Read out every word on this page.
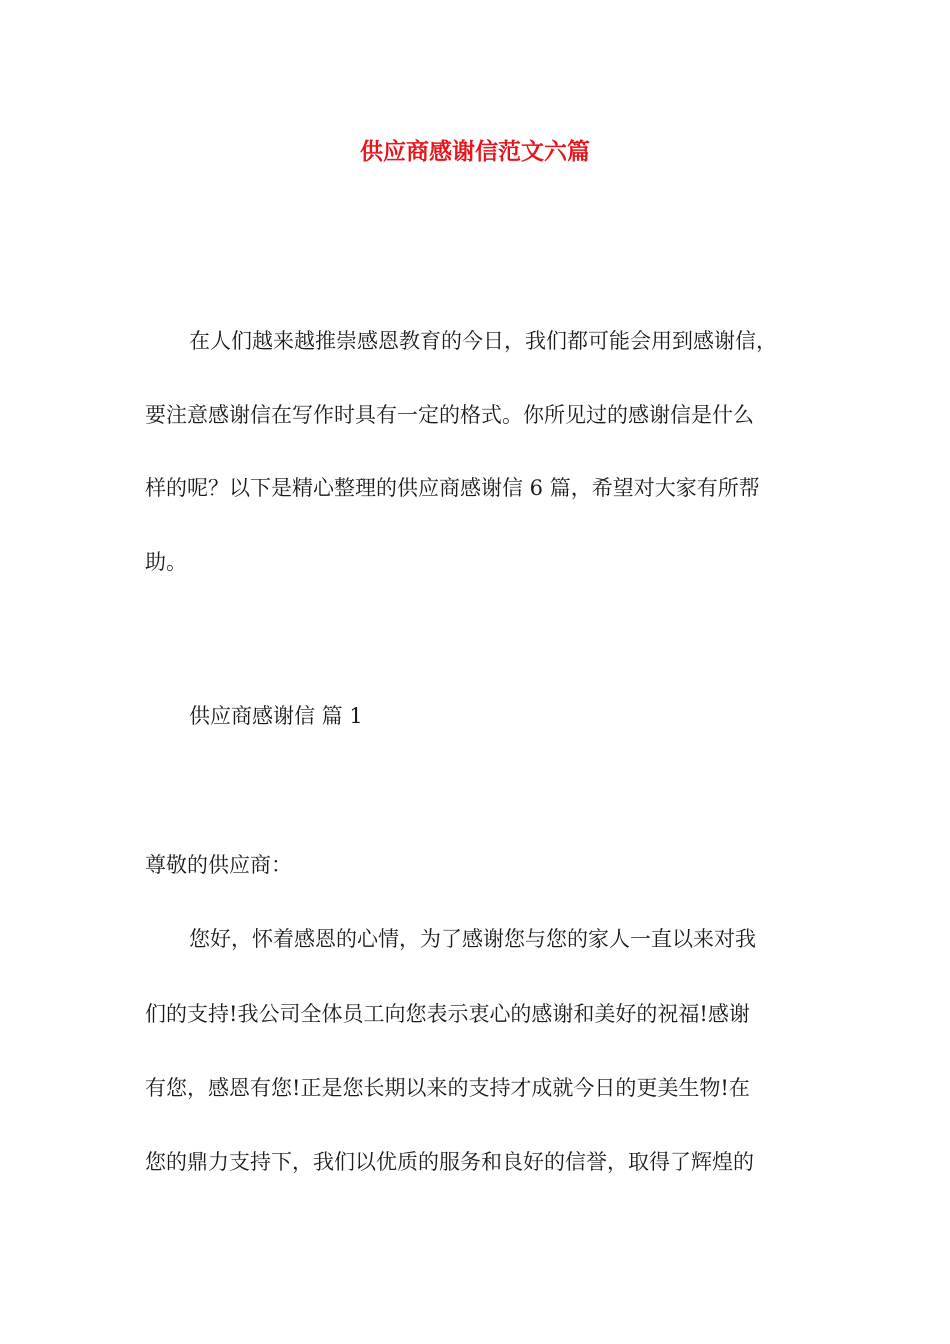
供应商感谢信范文六篇
在人们越来越推崇感恩教育的今日，我们都可能会用到感谢信，
要注意感谢信在写作时具有一定的格式。你所见过的感谢信是什么
样的呢？以下是精心整理的供应商感谢信 6 篇，希望对大家有所帮
助。
供应商感谢信 篇 1
尊敬的供应商：
您好，怀着感恩的心情，为了感谢您与您的家人一直以来对我
们的支持!我公司全体员工向您表示衷心的感谢和美好的祝福!感谢
有您，感恩有您!正是您长期以来的支持才成就今日的更美生物!在
您的鼎力支持下，我们以优质的服务和良好的信誉，取得了辉煌的
